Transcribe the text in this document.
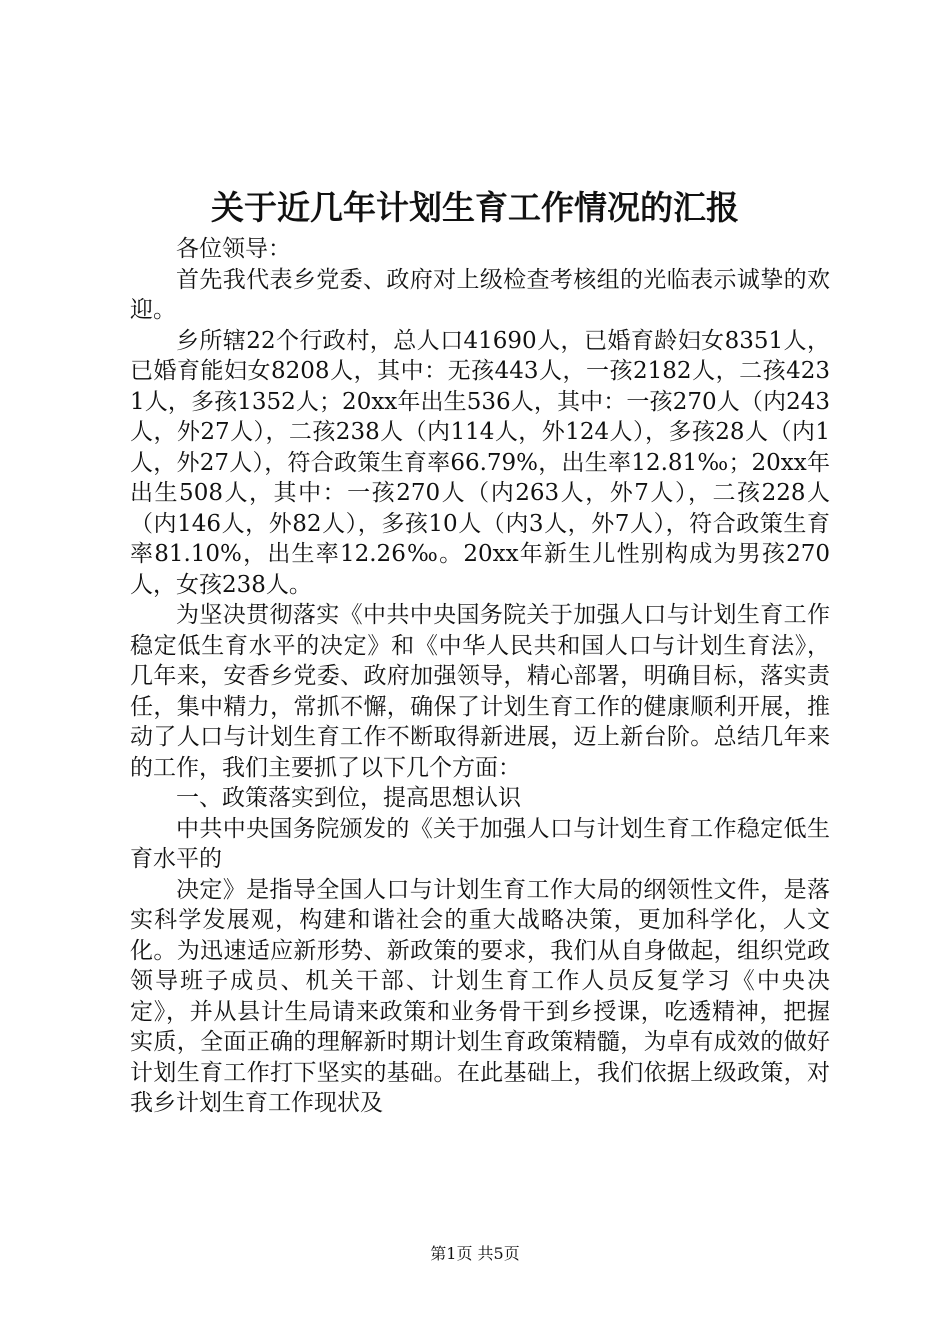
关于近几年计划生育工作情况的汇报

各位领导：

首先我代表乡党委、政府对上级检查考核组的光临表示诚挚的欢迎。

乡所辖22个行政村，总人口41690人，已婚育龄妇女8351人，已婚育能妇女8208人，其中：无孩443人，一孩2182人，二孩4231人，多孩1352人；20xx年出生536人，其中：一孩270人（内243人，外27人），二孩238人（内114人，外124人），多孩28人（内1人，外27人），符合政策生育率66.79%，出生率12.81‰；20xx年出生508人，其中：一孩270人（内263人，外7人），二孩228人（内146人，外82人），多孩10人（内3人，外7人），符合政策生育率81.10%，出生率12.26‰。20xx年新生儿性别构成为男孩270人，女孩238人。

为坚决贯彻落实《中共中央国务院关于加强人口与计划生育工作稳定低生育水平的决定》和《中华人民共和国人口与计划生育法》，几年来，安香乡党委、政府加强领导，精心部署，明确目标，落实责任，集中精力，常抓不懈，确保了计划生育工作的健康顺利开展，推动了人口与计划生育工作不断取得新进展，迈上新台阶。总结几年来的工作，我们主要抓了以下几个方面：

一、政策落实到位，提高思想认识

中共中央国务院颁发的《关于加强人口与计划生育工作稳定低生育水平的

决定》是指导全国人口与计划生育工作大局的纲领性文件，是落实科学发展观，构建和谐社会的重大战略决策，更加科学化，人文化。为迅速适应新形势、新政策的要求，我们从自身做起，组织党政领导班子成员、机关干部、计划生育工作人员反复学习《中央决定》，并从县计生局请来政策和业务骨干到乡授课，吃透精神，把握实质，全面正确的理解新时期计划生育政策精髓，为卓有成效的做好计划生育工作打下坚实的基础。在此基础上，我们依据上级政策，对我乡计划生育工作现状及

第1页 共5页
